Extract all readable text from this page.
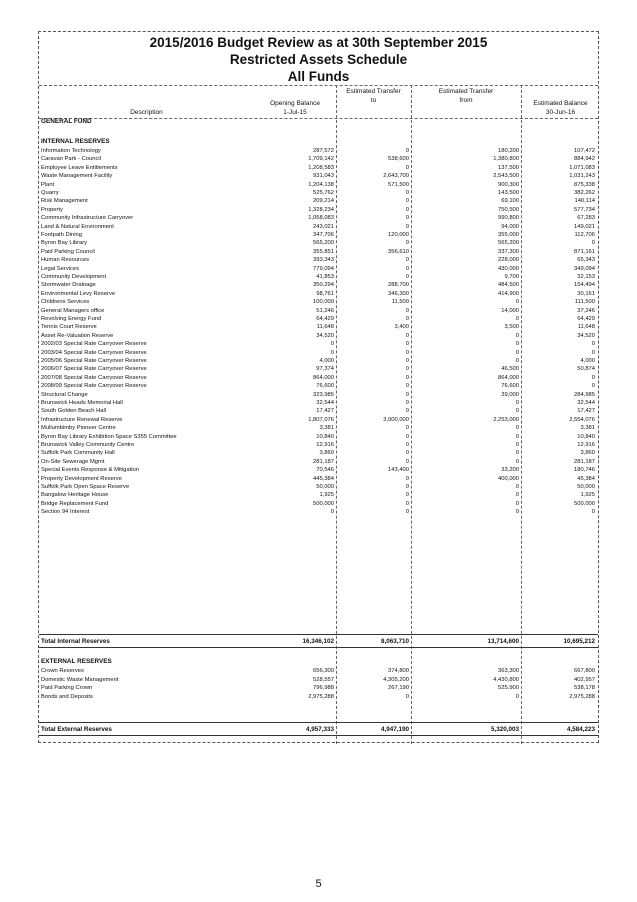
2015/2016 Budget Review as at 30th September 2015
Restricted Assets Schedule
All Funds
Description
Opening Balance
1-Jul-15
Estimated Transfer
to
Estimated Transfer
from	Estimated Balance
30-Jun-16
GENERAL FUND
INTERNAL RESERVES
Information Technology	287,572	0	180,200	107,472
Caravan Park - Council	1,709,142	538,600	1,380,800	884,942
Employee Leave Entitlements	1,208,583	0	137,500	1,071,083
Waste Management Facility	931,043	2,643,700	2,543,500	1,031,243
Plant	1,204,138	571,500	900,300	875,338
Quarry	525,762	0	143,500	382,262
Risk Management	209,214	0	69,100	140,114
Property	1,328,234	0	750,500	577,734
Community Infrastructure Carryover	1,058,083	0	990,800	67,283
Land & Natural Environment	243,021	0	94,000	149,021
Footpath Dining	347,706	120,000	355,000	112,706
Byron Bay Library	565,200	0	565,200	0
Paid Parking Council	355,851	356,610	337,300	871,161
Human Resources	393,343	0	228,000	65,343
Legal Services	779,094	0	430,000	349,094
Community Development	41,853	0	9,700	32,153
Stormwater Drainage	350,294	288,700	484,500	154,494
Environmental Levy Reserve	98,761	346,300	414,900	30,161
Childrens Services	100,000	11,500	0	111,500
General Managers office	51,246	0	14,000	37,246
Revolving Energy Fund	64,429	0	0	64,429
Tennis Court Reserve	11,648	3,400	3,500	11,648
Asset Re-Valuation Reserve	34,520	0	0	34,520
2002/03 Special Rate Carryover Reserve	0	0	0	0
2003/04 Special Rate Carryover Reserve	0	0	0	0
2005/06 Special Rate Carryover Reserve	4,000	0	0	4,000
2006/07 Special Rate Carryover Reserve	97,374	0	46,500	50,874
2007/08 Special Rate Carryover Reserve	864,000	0	864,000	0
2008/09 Special Rate Carryover Reserve	76,600	0	76,600	0
Structural Change	323,985	0	39,000	284,985
Brunswick Heads Memorial Hall	32,544	0	0	32,544
South Golden Beach Hall	17,427	0	0	17,427
Infrastructure Renewal Reserve	1,807,076	3,000,000	2,253,000	2,554,076
Mullumbimby Pioneer Centre	3,381	0	0	3,381
Byron Bay Library Exhibition Space S355 Committee	10,840	0	0	10,840
Brunswick Valley Community Centre	12,916	0	0	12,916
Suffolk Park Community Hall	3,860	0	0	3,860
On-Site Sewerage Mgmt	281,187	0	0	281,187
Special Events Response & Mitigation	70,546	143,400	33,200	180,746
Property Development Reserve	445,384	0	400,000	45,384
Suffolk Park Open Space Reserve	50,000	0	0	50,000
Bangalow Heritage House	1,925	0	0	1,925
Bridge Replacement Fund	500,000	0	0	500,000
Section 94 Interest	0	0	0	0
Total Internal Reserves	16,346,102	8,063,710	13,714,600	10,695,212
EXTERNAL RESERVES
Crown Reserves	656,300	374,800	363,300	667,800
Domestic Waste Management	528,557	4,305,200	4,430,800	402,957
Paid Parking Crown	796,988	267,190	525,900	538,178
Bonds and Deposits	2,975,288	0	0	2,975,288
Total External Reserves	4,957,333	4,947,190	5,320,003	4,584,223
5
